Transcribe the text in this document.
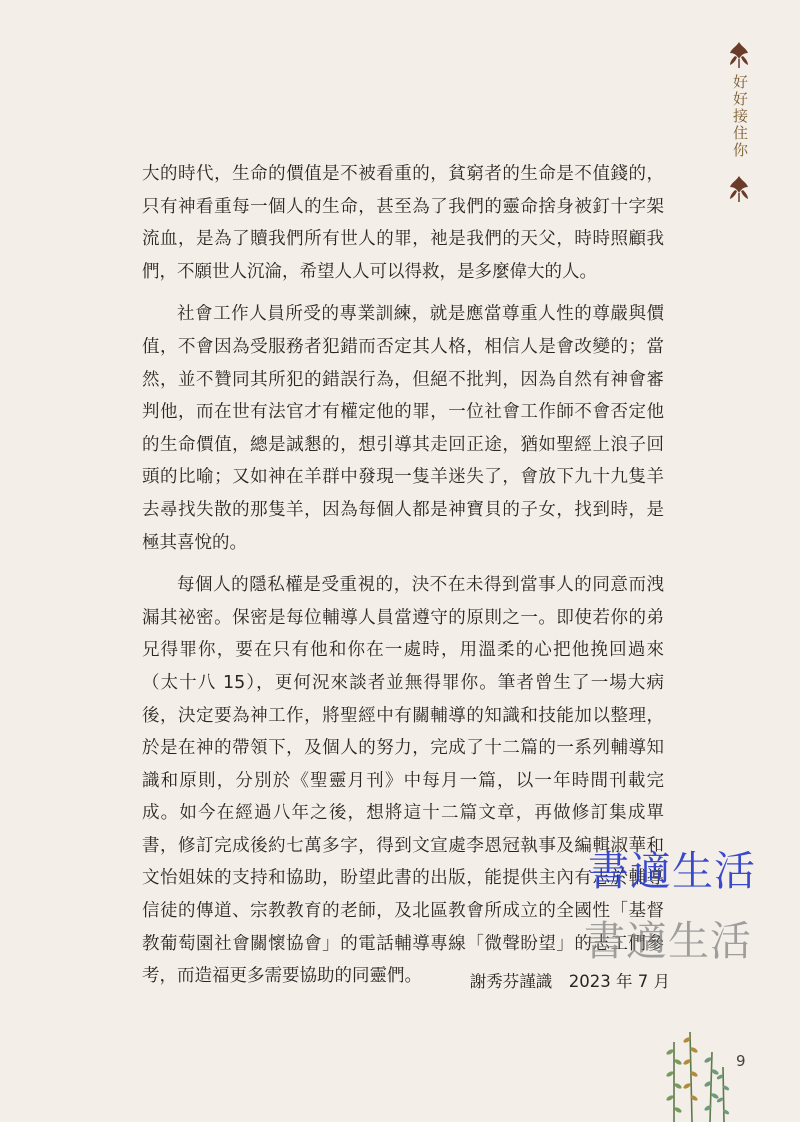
好好接住你

大的時代，生命的價值是不被看重的，貧窮者的生命是不值錢的，只有神看重每一個人的生命，甚至為了我們的靈命捨身被釘十字架流血，是為了贖我們所有世人的罪，祂是我們的天父，時時照顧我們，不願世人沉淪，希望人人可以得救，是多麼偉大的人。

社會工作人員所受的專業訓練，就是應當尊重人性的尊嚴與價值，不會因為受服務者犯錯而否定其人格，相信人是會改變的；當然，並不贊同其所犯的錯誤行為，但絕不批判，因為自然有神會審判他，而在世有法官才有權定他的罪，一位社會工作師不會否定他的生命價值，總是誠懇的，想引導其走回正途，猶如聖經上浪子回頭的比喻；又如神在羊群中發現一隻羊迷失了，會放下九十九隻羊去尋找失散的那隻羊，因為每個人都是神寶貝的子女，找到時，是極其喜悅的。

每個人的隱私權是受重視的，決不在未得到當事人的同意而洩漏其祕密。保密是每位輔導人員當遵守的原則之一。即使若你的弟兄得罪你，要在只有他和你在一處時，用溫柔的心把他挽回過來（太十八 15），更何況來談者並無得罪你。筆者曾生了一場大病後，決定要為神工作，將聖經中有關輔導的知識和技能加以整理，於是在神的帶領下，及個人的努力，完成了十二篇的一系列輔導知識和原則，分別於《聖靈月刊》中每月一篇，以一年時間刊載完成。如今在經過八年之後，想將這十二篇文章，再做修訂集成單書，修訂完成後約七萬多字，得到文宣處李恩冠執事及編輯淑華和文怡姐妹的支持和協助，盼望此書的出版，能提供主內有志於輔導信徒的傳道、宗教教育的老師，及北區教會所成立的全國性「基督教葡萄園社會關懷協會」的電話輔導專線「微聲盼望」的志工們參考，而造福更多需要協助的同靈們。	謝秀芬謹識　2023 年 7 月
書適生活
書適生活
9
